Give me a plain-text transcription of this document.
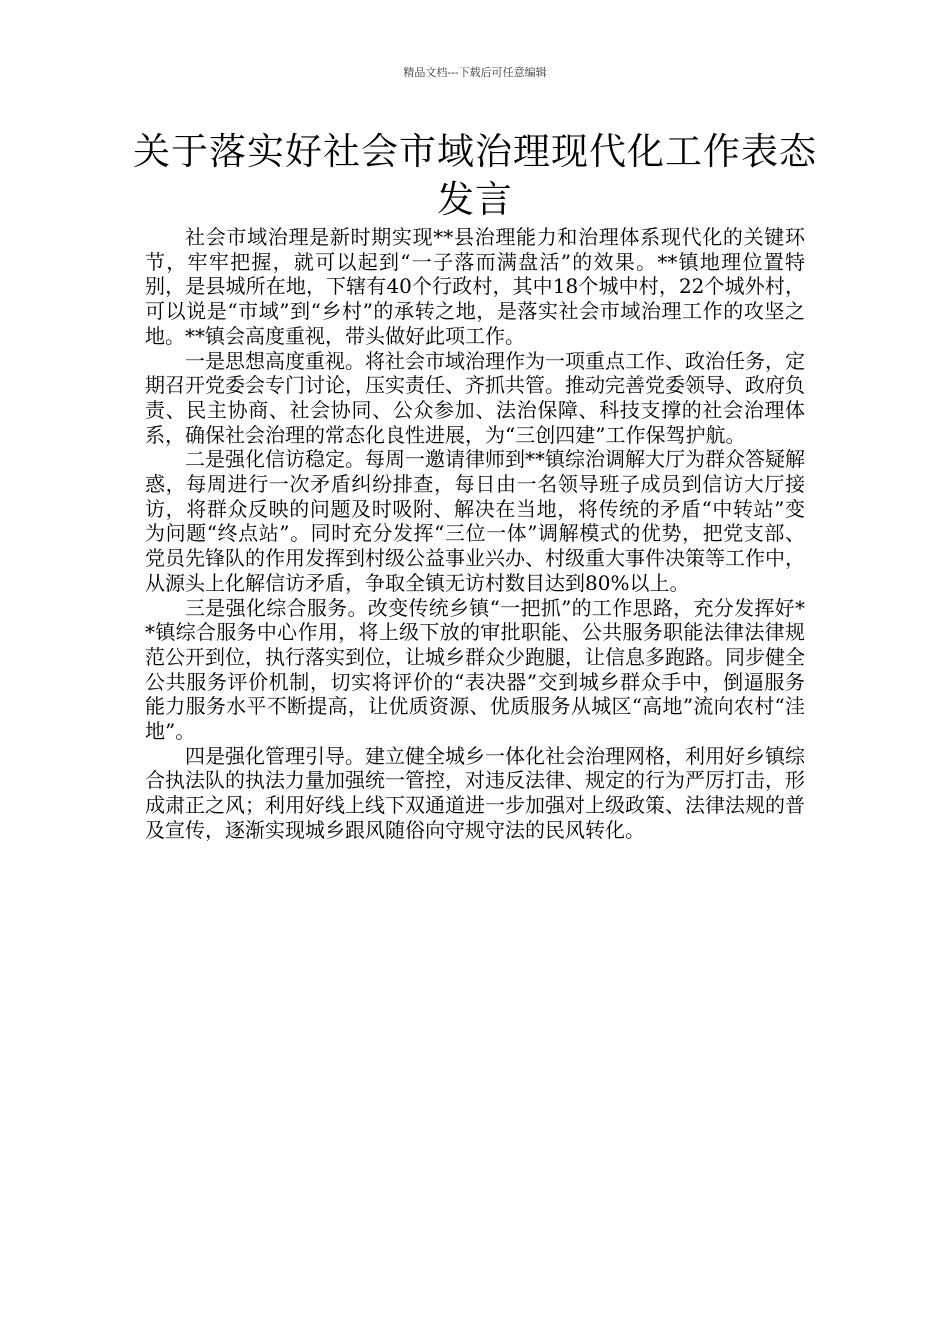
精品文档---下载后可任意编辑
关于落实好社会市域治理现代化工作表态发言

社会市域治理是新时期实现**县治理能力和治理体系现代化的关键环节，牢牢把握，就可以起到“一子落而满盘活”的效果。**镇地理位置特别，是县城所在地，下辖有40个行政村，其中18个城中村，22个城外村，可以说是“市域”到“乡村”的承转之地，是落实社会市域治理工作的攻坚之地。**镇会高度重视，带头做好此项工作。

一是思想高度重视。将社会市域治理作为一项重点工作、政治任务，定期召开党委会专门讨论，压实责任、齐抓共管。推动完善党委领导、政府负责、民主协商、社会协同、公众参加、法治保障、科技支撑的社会治理体系，确保社会治理的常态化良性进展，为“三创四建”工作保驾护航。

二是强化信访稳定。每周一邀请律师到**镇综治调解大厅为群众答疑解惑，每周进行一次矛盾纠纷排查，每日由一名领导班子成员到信访大厅接访，将群众反映的问题及时吸附、解决在当地，将传统的矛盾“中转站”变为问题“终点站”。同时充分发挥“三位一体”调解模式的优势，把党支部、党员先锋队的作用发挥到村级公益事业兴办、村级重大事件决策等工作中，从源头上化解信访矛盾，争取全镇无访村数目达到80%以上。

三是强化综合服务。改变传统乡镇“一把抓”的工作思路，充分发挥好**镇综合服务中心作用，将上级下放的审批职能、公共服务职能法律法律规范公开到位，执行落实到位，让城乡群众少跑腿，让信息多跑路。同步健全公共服务评价机制，切实将评价的“表决器”交到城乡群众手中，倒逼服务能力服务水平不断提高，让优质资源、优质服务从城区“高地”流向农村“洼地”。

四是强化管理引导。建立健全城乡一体化社会治理网格，利用好乡镇综合执法队的执法力量加强统一管控，对违反法律、规定的行为严厉打击，形成肃正之风；利用好线上线下双通道进一步加强对上级政策、法律法规的普及宣传，逐渐实现城乡跟风随俗向守规守法的民风转化。
